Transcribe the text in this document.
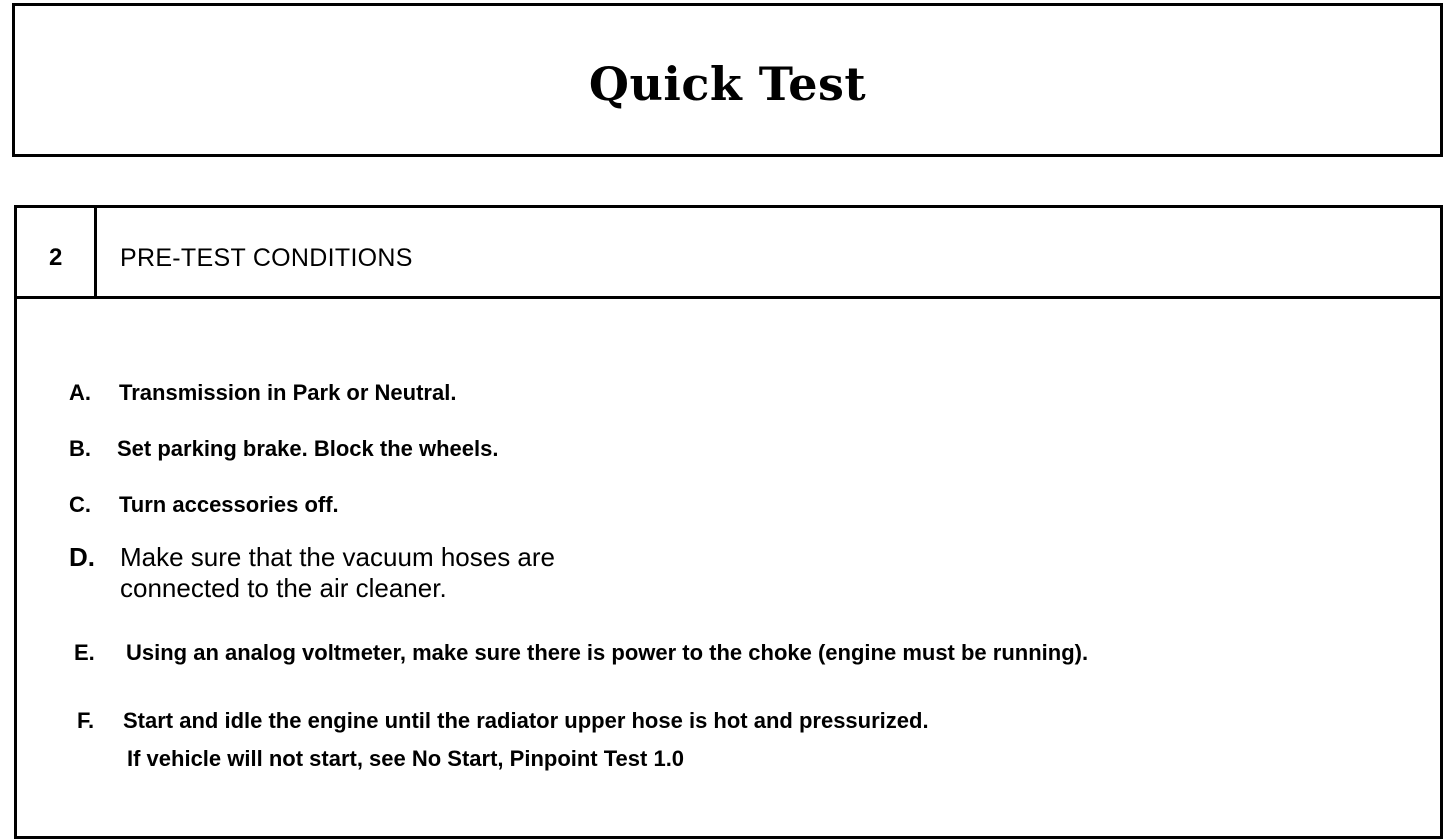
Quick Test
2 PRE-TEST CONDITIONS
A. Transmission in Park or Neutral.
B. Set parking brake. Block the wheels.
C. Turn accessories off.
D. Make sure that the vacuum hoses are
connected to the air cleaner.
E. Using an analog voltmeter, make sure there is power to the choke (engine must be running).
F. Start and idle the engine until the radiator upper hose is hot and pressurized.
If vehicle will not start, see No Start, Pinpoint Test 1.0
